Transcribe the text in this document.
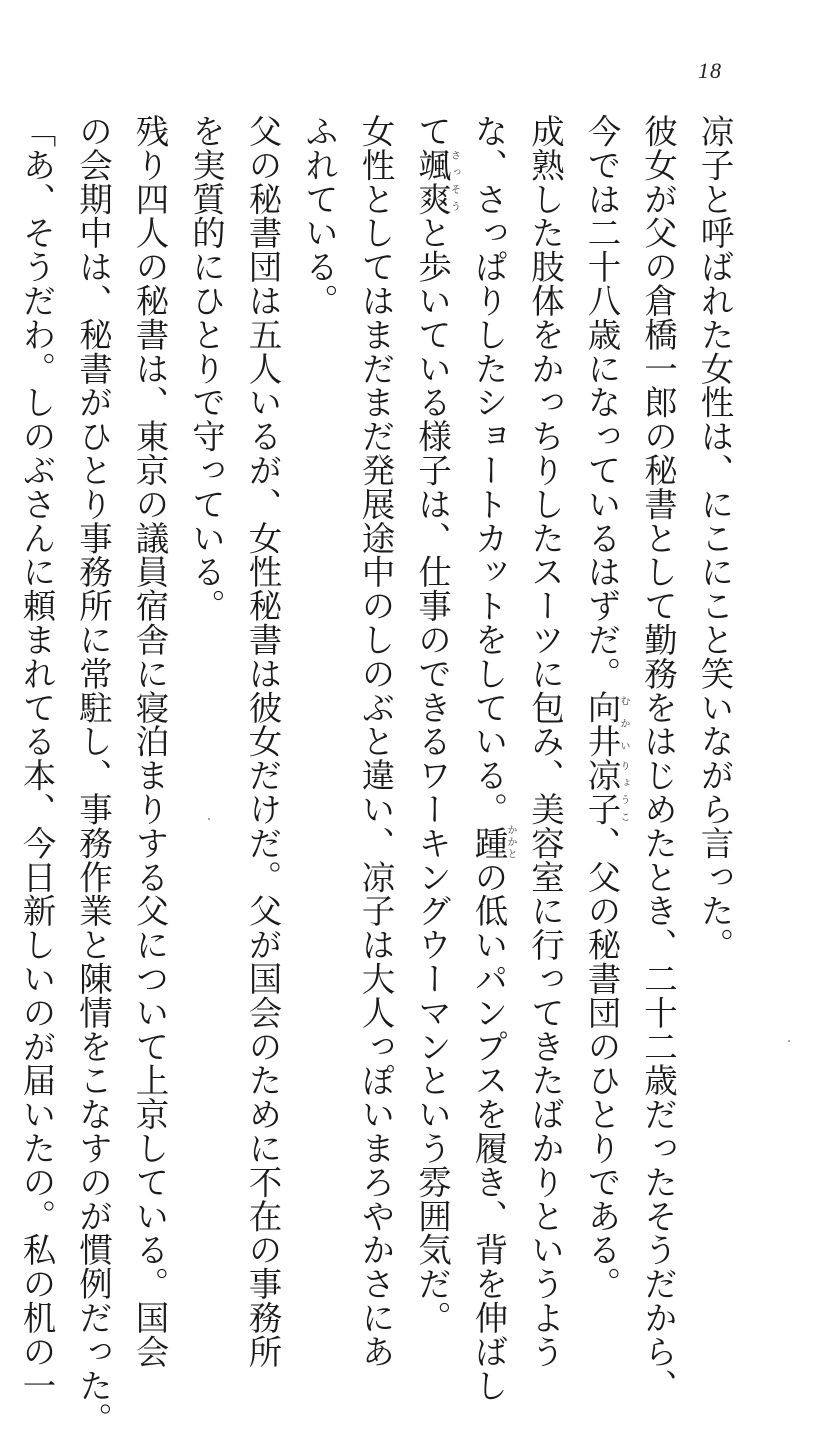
18
凉子と呼ばれた女性は、にこにこと笑いながら言った。
彼女が父の倉橋一郎の秘書として勤務をはじめたとき、二十二歳だったそうだから、
今では二十八歳になっているはずだ。向井むかい凉子りょうこ、父の秘書団のひとりである。
成熟した肢体をかっちりしたスーツに包み、美容室に行ってきたばかりというよう
な、さっぱりしたショートカットをしている。踵かかとの低いパンプスを履き、背を伸ばし
て颯爽さっそうと歩いている様子は、仕事のできるワーキングウーマンという雰囲気だ。
女性としてはまだまだ発展途中のしのぶと違い、凉子は大人っぽいまろやかさにあ
ふれている。
父の秘書団は五人いるが、女性秘書は彼女だけだ。父が国会のために不在の事務所
を実質的にひとりで守っている。
残り四人の秘書は、東京の議員宿舎に寝泊まりする父について上京している。国会
の会期中は、秘書がひとり事務所に常駐し、事務作業と陳情をこなすのが慣例だった。
「あ、そうだわ。しのぶさんに頼まれてる本、今日新しいのが届いたの。私の机の一
